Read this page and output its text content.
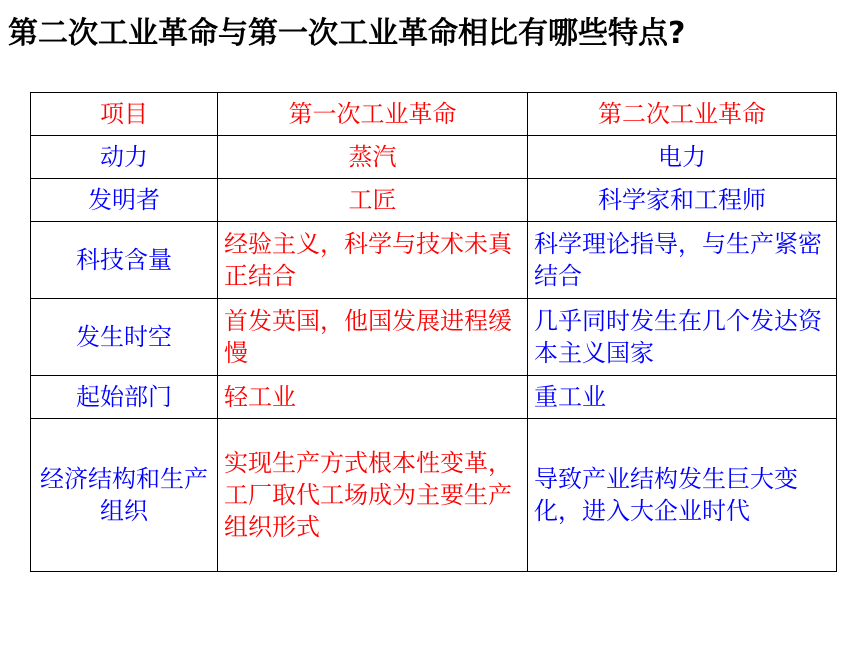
第二次工业革命与第一次工业革命相比有哪些特点?
项目	第一次工业革命	第二次工业革命
动力	蒸汽	电力
发明者	工匠	科学家和工程师
科技含量	经验主义，科学与技术未真正结合	科学理论指导，与生产紧密结合
发生时空	首发英国，他国发展进程缓慢	几乎同时发生在几个发达资本主义国家
起始部门	轻工业	重工业
经济结构和生产组织	实现生产方式根本性变革，工厂取代工场成为主要生产组织形式	导致产业结构发生巨大变化，进入大企业时代
